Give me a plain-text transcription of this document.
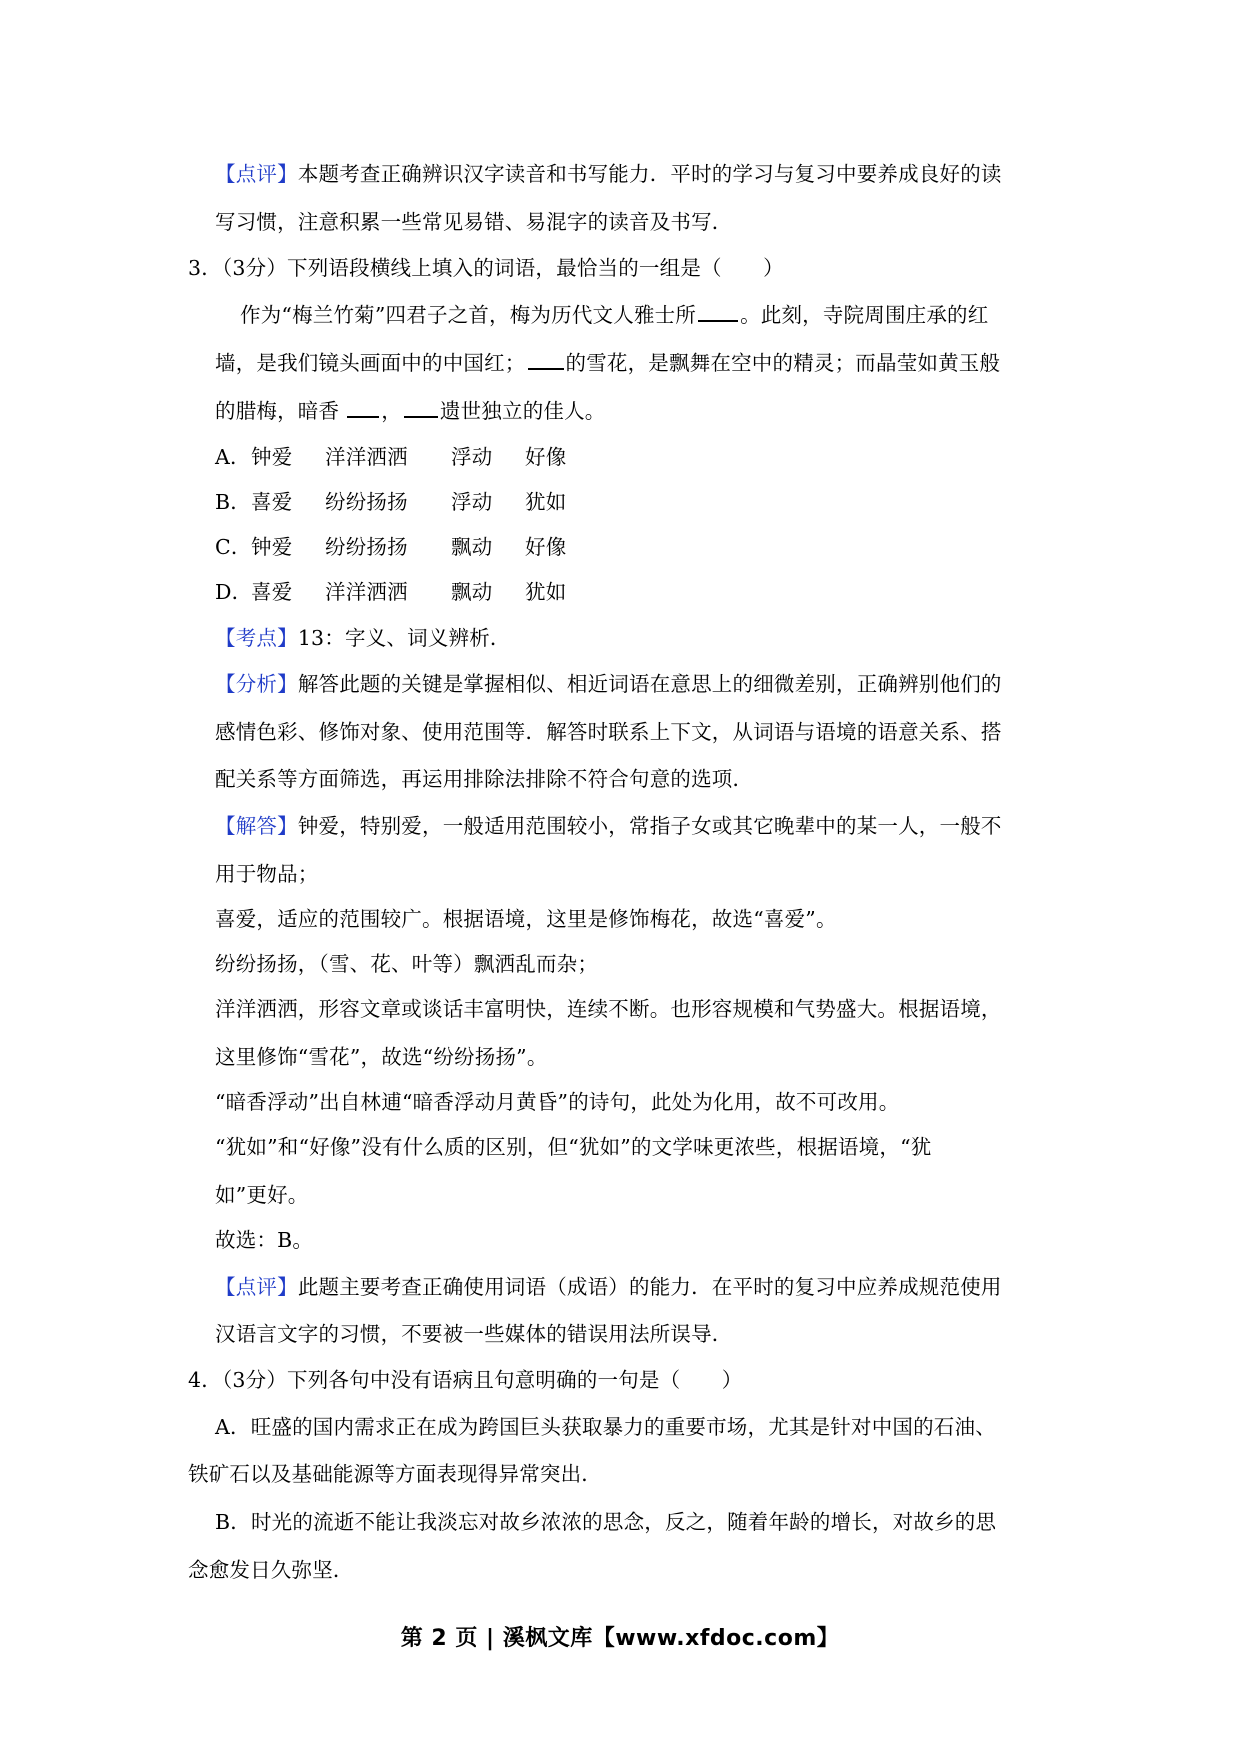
【点评】本题考查正确辨识汉字读音和书写能力．平时的学习与复习中要养成良好的读
写习惯，注意积累一些常见易错、易混字的读音及书写．
3．（3分）下列语段横线上填入的词语，最恰当的一组是（　　）
作为“梅兰竹菊”四君子之首，梅为历代文人雅士所 。此刻，寺院周围庄承的红
墙，是我们镜头画面中的中国红； 的雪花，是飘舞在空中的精灵；而晶莹如黄玉般
的腊梅，暗香 ， 遗世独立的佳人。
A．钟爱 洋洋洒洒 浮动 好像
B．喜爱 纷纷扬扬 浮动 犹如
C．钟爱 纷纷扬扬 飘动 好像
D．喜爱 洋洋洒洒 飘动 犹如
【考点】13：字义、词义辨析．
【分析】解答此题的关键是掌握相似、相近词语在意思上的细微差别，正确辨别他们的
感情色彩、修饰对象、使用范围等．解答时联系上下文，从词语与语境的语意关系、搭
配关系等方面筛选，再运用排除法排除不符合句意的选项．
【解答】钟爱，特别爱，一般适用范围较小，常指子女或其它晚辈中的某一人，一般不
用于物品；
喜爱，适应的范围较广。根据语境，这里是修饰梅花，故选“喜爱”。
纷纷扬扬，（雪、花、叶等）飘洒乱而杂；
洋洋洒洒，形容文章或谈话丰富明快，连续不断。也形容规模和气势盛大。根据语境，
这里修饰“雪花”，故选“纷纷扬扬”。
“暗香浮动”出自林逋“暗香浮动月黄昏”的诗句，此处为化用，故不可改用。
“犹如”和“好像”没有什么质的区别，但“犹如”的文学味更浓些，根据语境，“犹
如”更好。
故选：B。
【点评】此题主要考查正确使用词语（成语）的能力．在平时的复习中应养成规范使用
汉语言文字的习惯，不要被一些媒体的错误用法所误导．
4．（3分）下列各句中没有语病且句意明确的一句是（　　）
A．旺盛的国内需求正在成为跨国巨头获取暴力的重要市场，尤其是针对中国的石油、
铁矿石以及基础能源等方面表现得异常突出．
B．时光的流逝不能让我淡忘对故乡浓浓的思念，反之，随着年龄的增长，对故乡的思
念愈发日久弥坚．
第 2 页 | 溪枫文库【www.xfdoc.com】
